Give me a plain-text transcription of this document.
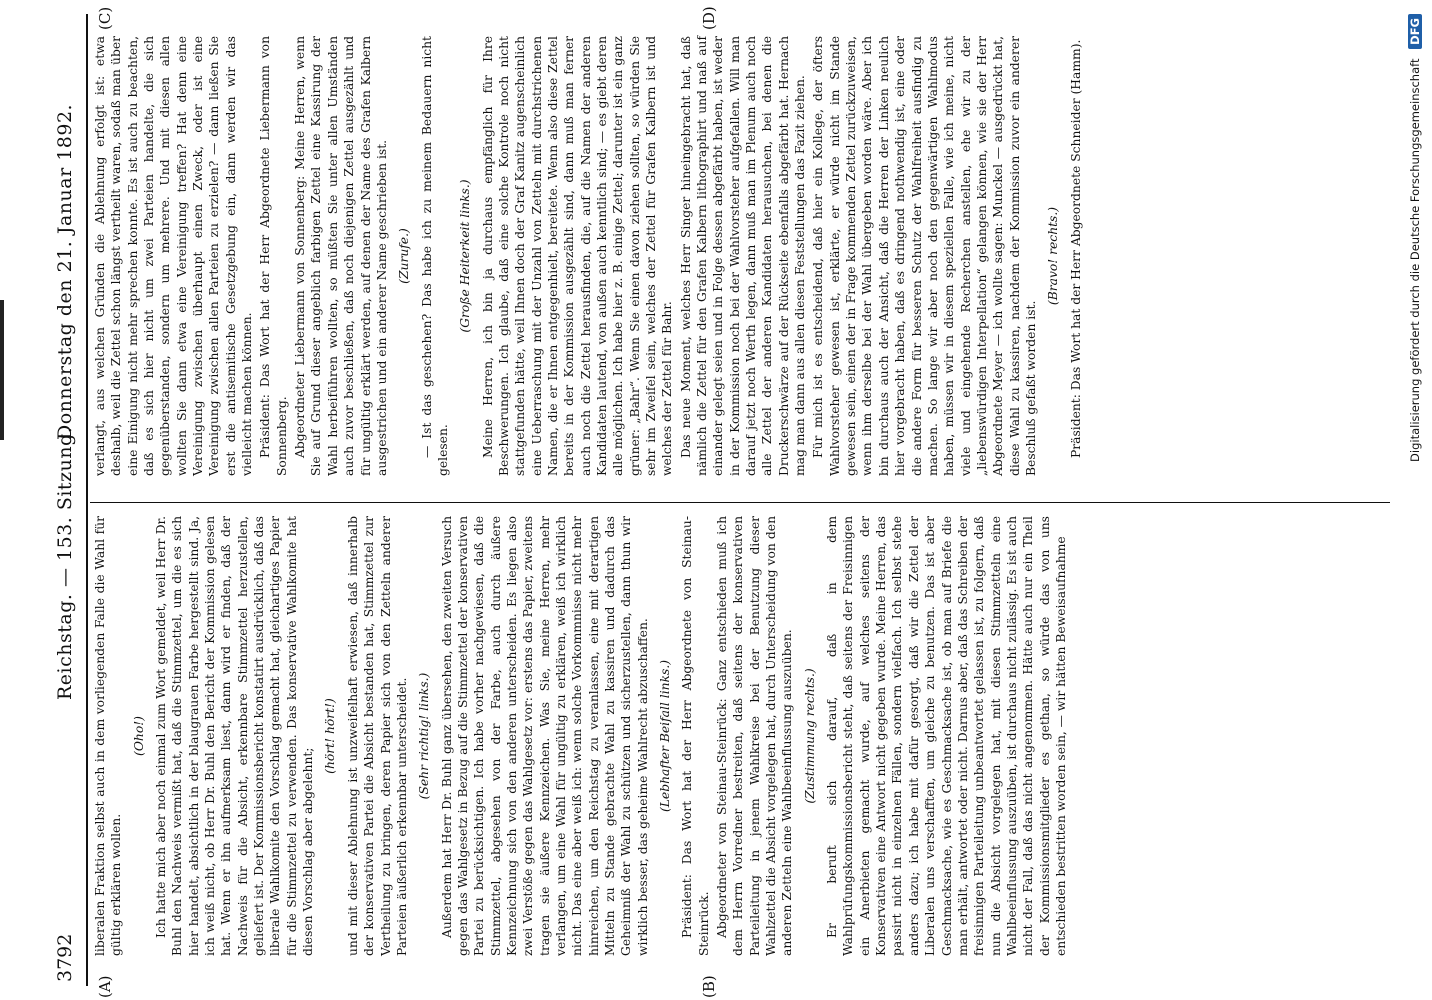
3792
Reichstag. — 153. Sitzung.
Donnerstag den 21. Januar 1892.
(A)	(B)
(C)	(D)

liberalen Fraktion selbst auch in dem vorliegenden Falle die Wahl für gültig erklären wollen.

(Oho!) Ich hatte mich aber noch einmal zum Wort gemeldet, weil Herr Dr. Buhl den Nachweis vermißt hat, daß die Stimmzettel, um die es sich hier handelt, absichtlich in der blaugrauen Farbe hergestellt sind. Ja, ich weiß nicht, ob Herr Dr. Buhl den Bericht der Kommission gelesen hat. Wenn er ihn aufmerksam liest, dann wird er finden, daß der Nachweis für die Absicht, erkennbare Stimmzettel herzustellen, geliefert ist. Der Kommissionsbericht konstatirt ausdrücklich, daß das liberale Wahlkomite den Vorschlag gemacht hat, gleichartiges Papier für die Stimmzettel zu verwenden. Das konservative Wahlkomite hat diesen Vorschlag aber abgelehnt;

(hört! hört!) und mit dieser Ablehnung ist unzweifelhaft erwiesen, daß innerhalb der konservativen Partei die Absicht bestanden hat, Stimmzettel zur Vertheilung zu bringen, deren Papier sich von den Zetteln anderer Parteien äußerlich erkennbar unterscheidet. (Sehr richtig! links.) Außerdem hat Herr Dr. Buhl ganz übersehen, den zweiten Versuch gegen das Wahlgesetz in Bezug auf die Stimmzettel der konservativen Partei zu berücksichtigen. Ich habe vorher nachgewiesen, daß die Stimmzettel, abgesehen von der Farbe, auch durch äußere Kennzeichnung sich von den anderen unterscheiden. Es liegen also zwei Verstöße gegen das Wahlgesetz vor: erstens das Papier, zweitens tragen sie äußere Kennzeichen. Was Sie, meine Herren, mehr verlangen, um eine Wahl für ungültig zu erklären, weiß ich wirklich nicht. Das eine aber weiß ich: wenn solche Vorkommnisse nicht mehr hinreichen, um den Reichstag zu veranlassen, eine mit derartigen Mitteln zu Stande gebrachte Wahl zu kassiren und dadurch das Geheimniß der Wahl zu schützen und sicherzustellen, dann thun wir wirklich besser, das geheime Wahlrecht abzuschaffen. (Lebhafter Beifall links.) Präsident: Das Wort hat der Herr Abgeordnete von Steinau-Steinrück. Abgeordneter von Steinau-Steinrück: Ganz entschieden muß ich dem Herrn Vorredner bestreiten, daß seitens der konservativen Parteileitung in jenem Wahlkreise bei der Benutzung dieser Wahlzettel die Absicht vorgelegen hat, durch Unterscheidung von den anderen Zetteln eine Wahlbeeinflussung auszuüben. (Zustimmung rechts.) Er beruft sich darauf, daß in dem Wahlprüfungskommissionsbericht steht, daß seitens der Freisinnigen ein Anerbieten gemacht wurde, auf welches seitens der Konservativen eine Antwort nicht gegeben wurde. Meine Herren, das passirt nicht in einzelnen Fällen, sondern vielfach. Ich selbst stehe anders dazu; ich habe mit dafür gesorgt, daß wir die Zettel der Liberalen uns verschafften, um gleiche zu benutzen. Das ist aber Geschmacksache, wie es Geschmacksache ist, ob man auf Briefe die man erhält, antwortet oder nicht. Darnus aber, daß das Schreiben der freisinnigen Parteileitung unbeantwortet gelassen ist, zu folgern, daß nun die Absicht vorgelegen hat, mit diesen Stimmzetteln eine Wahlbeeinflussung auszuüben, ist durchaus nicht zulässig. Es ist auch nicht der Fall, daß das nicht angenommen. Hätte auch nur ein Theil der Kommissionsmitglieder es gethan, so würde das von uns entschieden bestritten worden sein, — wir hätten Beweisaufnahme

verlangt, aus welchen Gründen die Ablehnung erfolgt ist: etwa deshalb, weil die Zettel schon längst vertheilt waren, sodaß man über eine Einigung nicht mehr sprechen konnte. Es ist auch zu beachten, daß es sich hier nicht um zwei Parteien handelte, die sich gegenüberstanden, sondern um mehrere. Und mit diesen allen wollten Sie dann etwa eine Vereinigung treffen? Hat denn eine Vereinigung zwischen überhaupt einen Zweck, oder ist eine Vereinigung zwischen allen Parteien zu erzielen? — dann ließen Sie erst die antisemitische Gesetzgebung ein, dann werden wir das vielleicht machen können. Präsident: Das Wort hat der Herr Abgeordnete Liebermann von Sonnenberg. Abgeordneter Liebermann von Sonnenberg: Meine Herren, wenn Sie auf Grund dieser angeblich farbigen Zettel eine Kassirung der Wahl herbeiführen wollten, so müßten Sie unter allen Umständen auch zuvor beschließen, daß noch diejenigen Zettel ausgezählt und für ungültig erklärt werden, auf denen der Name des Grafen Kalbern ausgestrichen und ein anderer Name geschrieben ist. (Zurufe.) — Ist das geschehen? Das habe ich zu meinem Bedauern nicht gelesen.

(Große Heiterkeit links.) Meine Herren, ich bin ja durchaus empfänglich für Ihre Beschwerungen. Ich glaube, daß eine solche Kontrole noch nicht stattgefunden hätte, weil Ihnen doch der Graf Kanitz augenscheinlich eine Ueberraschung mit der Unzahl von Zetteln mit durchstrichenen Namen, die er Ihnen entgegenhielt, bereitete. Wenn also diese Zettel bereits in der Kommission ausgezählt sind, dann muß man ferner auch noch die Zettel herausfinden, die, auf die Namen der anderen Kandidaten lautend, von außen auch kenntlich sind; — es giebt deren alle möglichen. Ich habe hier z. B. einige Zettel; darunter ist ein ganz grüner: „Bahr“. Wenn Sie einen davon ziehen sollten, so würden Sie sehr im Zweifel sein, welches der Zettel für Grafen Kalbern ist und welches der Zettel für Bahr. Das neue Moment, welches Herr Singer hineingebracht hat, daß nämlich die Zettel für den Grafen Kalbern lithographirt und naß auf einander gelegt seien und in Folge dessen abgefärbt haben, ist weder in der Kommission noch bei der Wahlvorsteher aufgefallen. Will man darauf jetzt noch Werth legen, dann muß man im Plenum auch noch alle Zettel der anderen Kandidaten herausuchen, bei denen die Druckerschwärze auf der Rückseite ebenfalls abgefärbt hat. Hernach mag man dann aus allen diesen Feststellungen das Fazit ziehen. Für mich ist es entscheidend, daß hier ein Kollege, der öfters Wahlvorsteher gewesen ist, erklärte, er würde nicht im Stande gewesen sein, einen der in Frage kommenden Zettel zurückzuweisen, wenn ihm derselbe bei der Wahl übergeben worden wäre. Aber ich bin durchaus auch der Ansicht, daß die Herren der Linken neulich hier vorgebracht haben, daß es dringend nothwendig ist, eine oder die andere Form für besseren Schutz der Wahlfreiheit ausfindig zu machen. So lange wir aber noch den gegenwärtigen Wahlmodus haben, müssen wir in diesem speziellen Falle, wie ich meine, nicht viele und eingehende Recherchen anstellen, ehe wir zu der „liebenswürdigen Interpellation“ gelangen können, wie sie der Herr Abgeordnete Meyer — ich wollte sagen: Munckel — ausgedrückt hat, diese Wahl zu kassiren, nachdem der Kommission zuvor ein anderer Beschluß gefaßt worden ist.

(Bravo! rechts.) Präsident: Das Wort hat der Herr Abgeordnete Schneider (Hamm).	Digitalisierung gefördert durch die Deutsche Forschungsgemeinschaft DFG
